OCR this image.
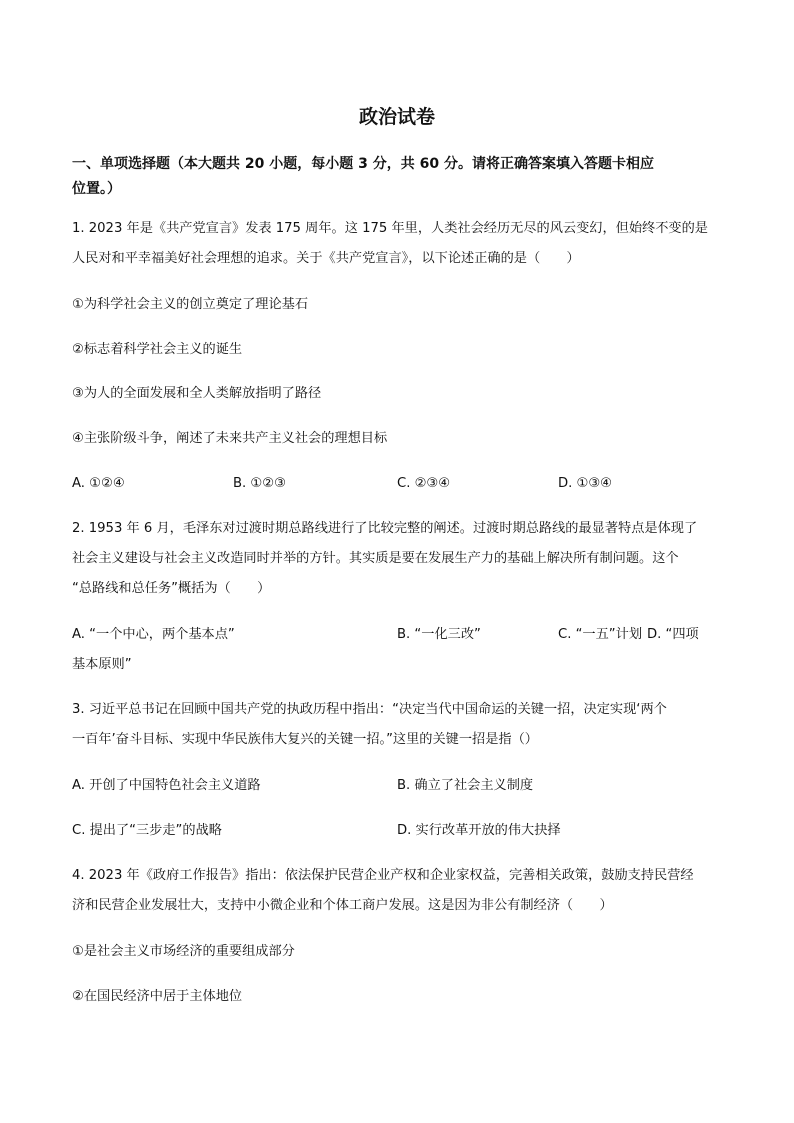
政治试卷
一、单项选择题（本大题共 20 小题，每小题 3 分，共 60 分。请将正确答案填入答题卡相应
位置。）
1. 2023 年是《共产党宣言》发表 175 周年。这 175 年里，人类社会经历无尽的风云变幻，但始终不变的是
人民对和平幸福美好社会理想的追求。关于《共产党宣言》，以下论述正确的是（　　）
①为科学社会主义的创立奠定了理论基石
②标志着科学社会主义的诞生
③为人的全面发展和全人类解放指明了路径
④主张阶级斗争，阐述了未来共产主义社会的理想目标
A. ①②④	B. ①②③	C. ②③④	D. ①③④
2. 1953 年 6 月，毛泽东对过渡时期总路线进行了比较完整的阐述。过渡时期总路线的最显著特点是体现了
社会主义建设与社会主义改造同时并举的方针。其实质是要在发展生产力的基础上解决所有制问题。这个
“总路线和总任务”概括为（　　）
A. “一个中心，两个基本点”	B. “一化三改”	C. “一五”计划 D. “四项
基本原则”
3. 习近平总书记在回顾中国共产党的执政历程中指出：“决定当代中国命运的关键一招，决定实现‘两个
一百年’奋斗目标、实现中华民族伟大复兴的关键一招。”这里的关键一招是指（）
A. 开创了中国特色社会主义道路	B. 确立了社会主义制度
C. 提出了“三步走”的战略	D. 实行改革开放的伟大抉择
4. 2023 年《政府工作报告》指出：依法保护民营企业产权和企业家权益，完善相关政策，鼓励支持民营经
济和民营企业发展壮大，支持中小微企业和个体工商户发展。这是因为非公有制经济（　　）
①是社会主义市场经济的重要组成部分
②在国民经济中居于主体地位
